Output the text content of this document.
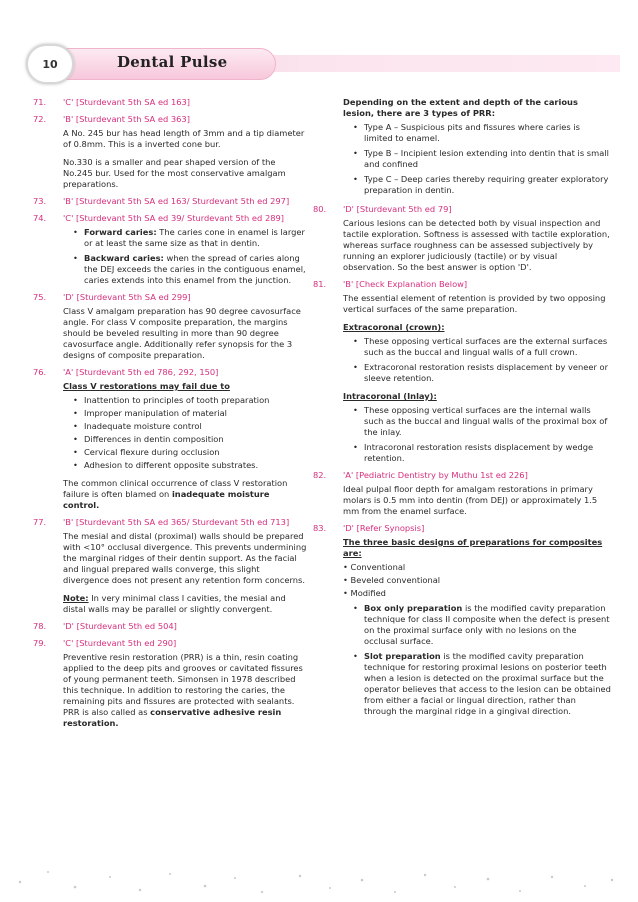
10	Dental Pulse
71. 'C' [Sturdevant 5th SA ed 163]

72. 'B' [Sturdevant 5th SA ed 363]

A No. 245 bur has head length of 3mm and a tip diameter of 0.8mm. This is a inverted cone bur.

No.330 is a smaller and pear shaped version of the No.245 bur. Used for the most conservative amalgam preparations.

73. 'B' [Sturdevant 5th SA ed 163/ Sturdevant 5th ed 297]

74. 'C' [Sturdevant 5th SA ed 39/ Sturdevant 5th ed 289]

• Forward caries: The caries cone in enamel is larger or at least the same size as that in dentin.
• Backward caries: when the spread of caries along the DEJ exceeds the caries in the contiguous enamel, caries extends into this enamel from the junction.
75. 'D' [Sturdevant 5th SA ed 299]

Class V amalgam preparation has 90 degree cavosurface angle. For class V composite preparation, the margins should be beveled resulting in more than 90 degree cavosurface angle. Additionally refer synopsis for the 3 designs of composite preparation.

76. 'A' [Sturdevant 5th ed 786, 292, 150]

Class V restorations may fail due to

• Inattention to principles of tooth preparation
• Improper manipulation of material
• Inadequate moisture control
• Differences in dentin composition
• Cervical flexure during occlusion
• Adhesion to different opposite substrates.

The common clinical occurrence of class V restoration failure is often blamed on inadequate moisture control.

77. 'B' [Sturdevant 5th SA ed 365/ Sturdevant 5th ed 713]

The mesial and distal (proximal) walls should be prepared with <10° occlusal divergence. This prevents undermining the marginal ridges of their dentin support. As the facial and lingual prepared walls converge, this slight divergence does not present any retention form concerns.

Note: In very minimal class I cavities, the mesial and distal walls may be parallel or slightly convergent.

78. 'D' [Sturdevant 5th ed 504]

79. 'C' [Sturdevant 5th ed 290]

Preventive resin restoration (PRR) is a thin, resin coating applied to the deep pits and grooves or cavitated fissures of young permanent teeth. Simonsen in 1978 described this technique. In addition to restoring the caries, the remaining pits and fissures are protected with sealants. PRR is also called as conservative adhesive resin restoration.

Depending on the extent and depth of the carious lesion, there are 3 types of PRR:

• Type A – Suspicious pits and fissures where caries is limited to enamel.
• Type B – Incipient lesion extending into dentin that is small and confined
• Type C – Deep caries thereby requiring greater exploratory preparation in dentin.
80. 'D' [Sturdevant 5th ed 79]

Carious lesions can be detected both by visual inspection and tactile exploration. Softness is assessed with tactile exploration, whereas surface roughness can be assessed subjectively by running an explorer judiciously (tactile) or by visual observation. So the best answer is option 'D'.

81. 'B' [Check Explanation Below]

The essential element of retention is provided by two opposing vertical surfaces of the same preparation.

Extracoronal (crown):

• These opposing vertical surfaces are the external surfaces such as the buccal and lingual walls of a full crown.
• Extracoronal restoration resists displacement by veneer or sleeve retention.

Intracoronal (Inlay):

• These opposing vertical surfaces are the internal walls such as the buccal and lingual walls of the proximal box of the inlay.
• Intracoronal restoration resists displacement by wedge retention.
82. 'A' [Pediatric Dentistry by Muthu 1st ed 226]

Ideal pulpal floor depth for amalgam restorations in primary molars is 0.5 mm into dentin (from DEJ) or approximately 1.5 mm from the enamel surface.

83. 'D' [Refer Synopsis]

The three basic designs of preparations for composites are:

• Conventional
• Beveled conventional
• Modified
• Box only preparation is the modified cavity preparation technique for class II composite when the defect is present on the proximal surface only with no lesions on the occlusal surface.
• Slot preparation is the modified cavity preparation technique for restoring proximal lesions on posterior teeth when a lesion is detected on the proximal surface but the operator believes that access to the lesion can be obtained from either a facial or lingual direction, rather than through the marginal ridge in a gingival direction.
